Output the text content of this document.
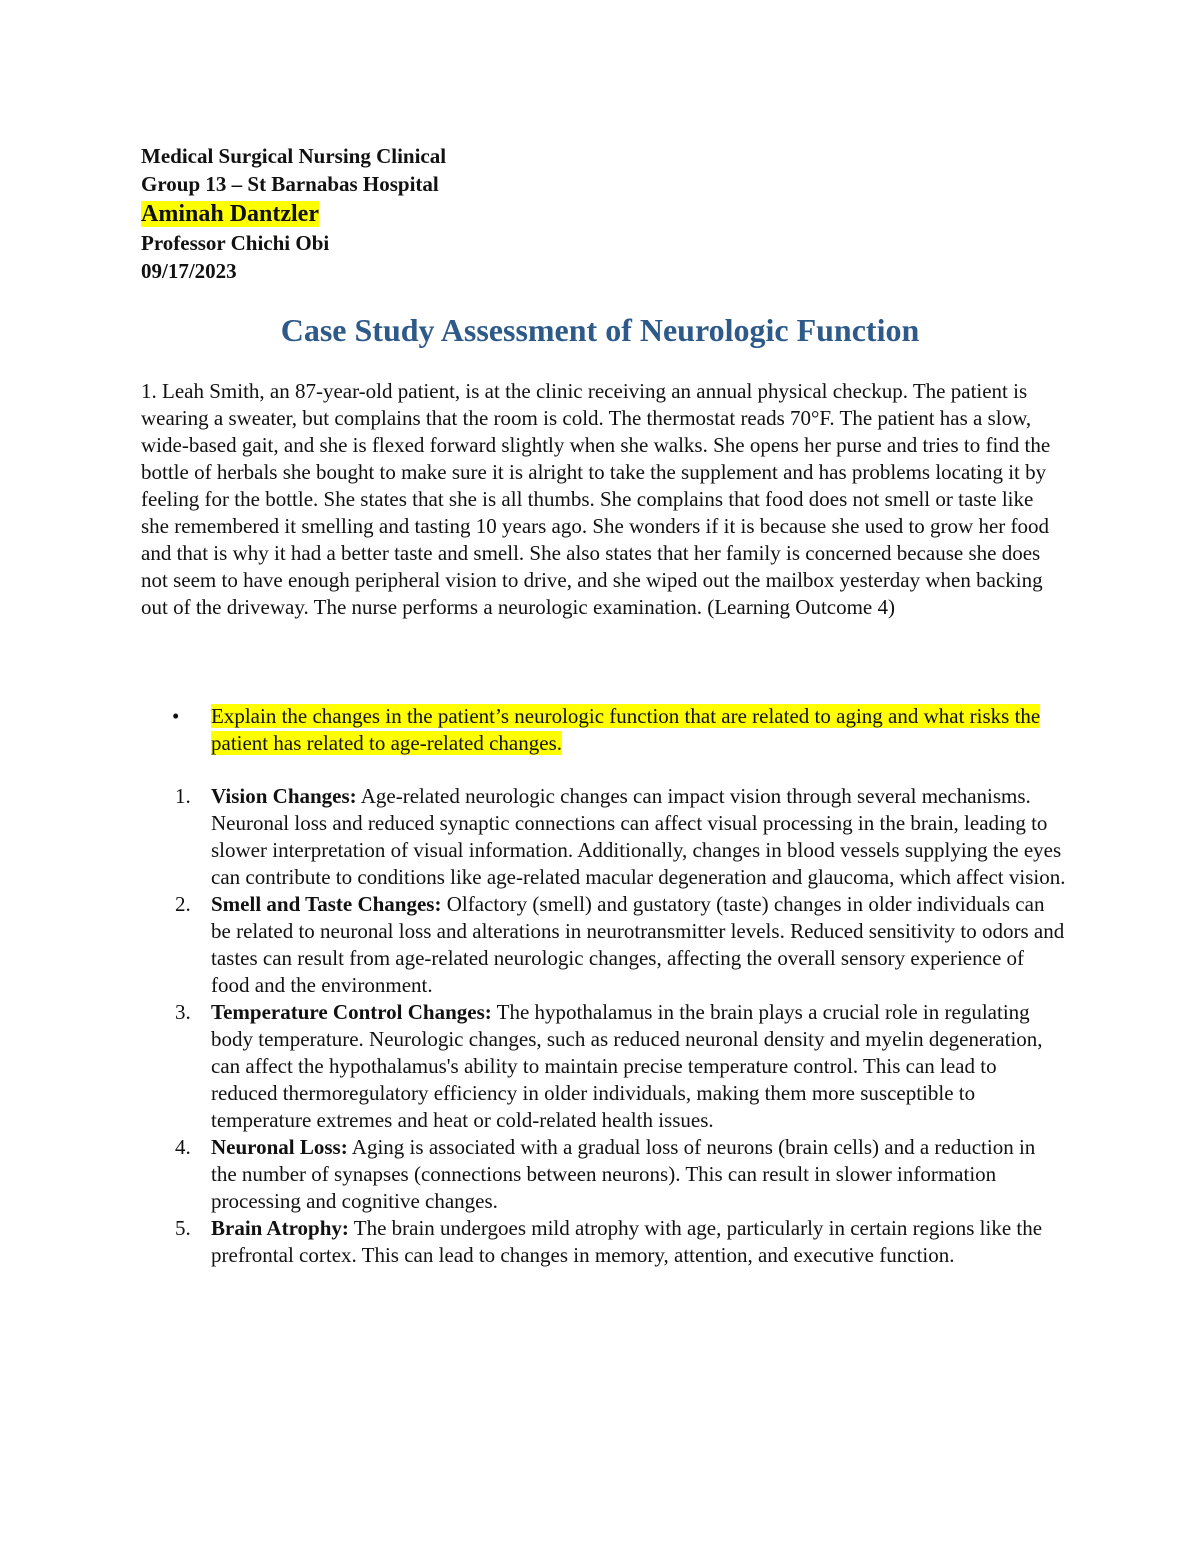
Medical Surgical Nursing Clinical
Group 13 – St Barnabas Hospital
Aminah Dantzler
Professor Chichi Obi
09/17/2023
Case Study Assessment of Neurologic Function
1. Leah Smith, an 87-year-old patient, is at the clinic receiving an annual physical checkup. The patient is wearing a sweater, but complains that the room is cold. The thermostat reads 70°F. The patient has a slow, wide-based gait, and she is flexed forward slightly when she walks. She opens her purse and tries to find the bottle of herbals she bought to make sure it is alright to take the supplement and has problems locating it by feeling for the bottle. She states that she is all thumbs. She complains that food does not smell or taste like she remembered it smelling and tasting 10 years ago. She wonders if it is because she used to grow her food and that is why it had a better taste and smell. She also states that her family is concerned because she does not seem to have enough peripheral vision to drive, and she wiped out the mailbox yesterday when backing out of the driveway. The nurse performs a neurologic examination. (Learning Outcome 4)
•	Explain the changes in the patient’s neurologic function that are related to aging and what risks the patient has related to age-related changes.
1. Vision Changes: Age-related neurologic changes can impact vision through several mechanisms. Neuronal loss and reduced synaptic connections can affect visual processing in the brain, leading to slower interpretation of visual information. Additionally, changes in blood vessels supplying the eyes can contribute to conditions like age-related macular degeneration and glaucoma, which affect vision.
2. Smell and Taste Changes: Olfactory (smell) and gustatory (taste) changes in older individuals can be related to neuronal loss and alterations in neurotransmitter levels. Reduced sensitivity to odors and tastes can result from age-related neurologic changes, affecting the overall sensory experience of food and the environment.
3. Temperature Control Changes: The hypothalamus in the brain plays a crucial role in regulating body temperature. Neurologic changes, such as reduced neuronal density and myelin degeneration, can affect the hypothalamus's ability to maintain precise temperature control. This can lead to reduced thermoregulatory efficiency in older individuals, making them more susceptible to temperature extremes and heat or cold-related health issues.
4. Neuronal Loss: Aging is associated with a gradual loss of neurons (brain cells) and a reduction in the number of synapses (connections between neurons). This can result in slower information processing and cognitive changes.
5. Brain Atrophy: The brain undergoes mild atrophy with age, particularly in certain regions like the prefrontal cortex. This can lead to changes in memory, attention, and executive function.
